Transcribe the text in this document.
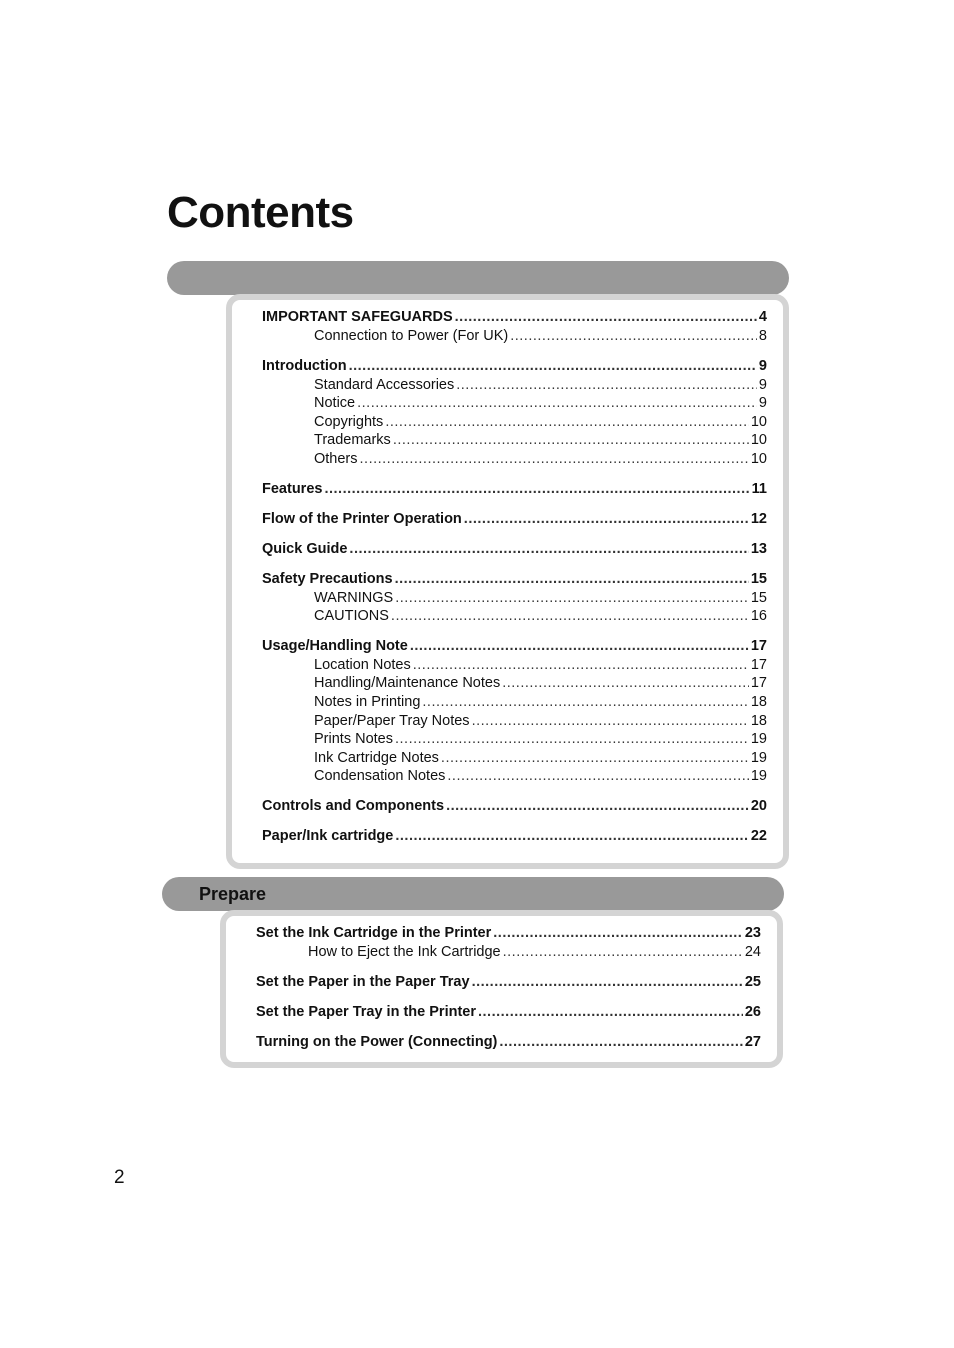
Contents
IMPORTANT SAFEGUARDS .....	4
Connection to Power (For UK) .....	8
Introduction .....	9
Standard Accessories .....	9
Notice .....	9
Copyrights .....	10
Trademarks .....	10
Others .....	10
Features .....	11
Flow of the Printer Operation .....	12
Quick Guide .....	13
Safety Precautions .....	15
WARNINGS .....	15
CAUTIONS .....	16
Usage/Handling Note .....	17
Location Notes .....	17
Handling/Maintenance Notes .....	17
Notes in Printing .....	18
Paper/Paper Tray Notes .....	18
Prints Notes .....	19
Ink Cartridge Notes .....	19
Condensation Notes .....	19
Controls and Components .....	20
Paper/Ink cartridge .....	22
Prepare
Set the Ink Cartridge in the Printer .....	23
How to Eject the Ink Cartridge .....	24
Set the Paper in the Paper Tray .....	25
Set the Paper Tray in the Printer .....	26
Turning on the Power (Connecting) .....	27
2
